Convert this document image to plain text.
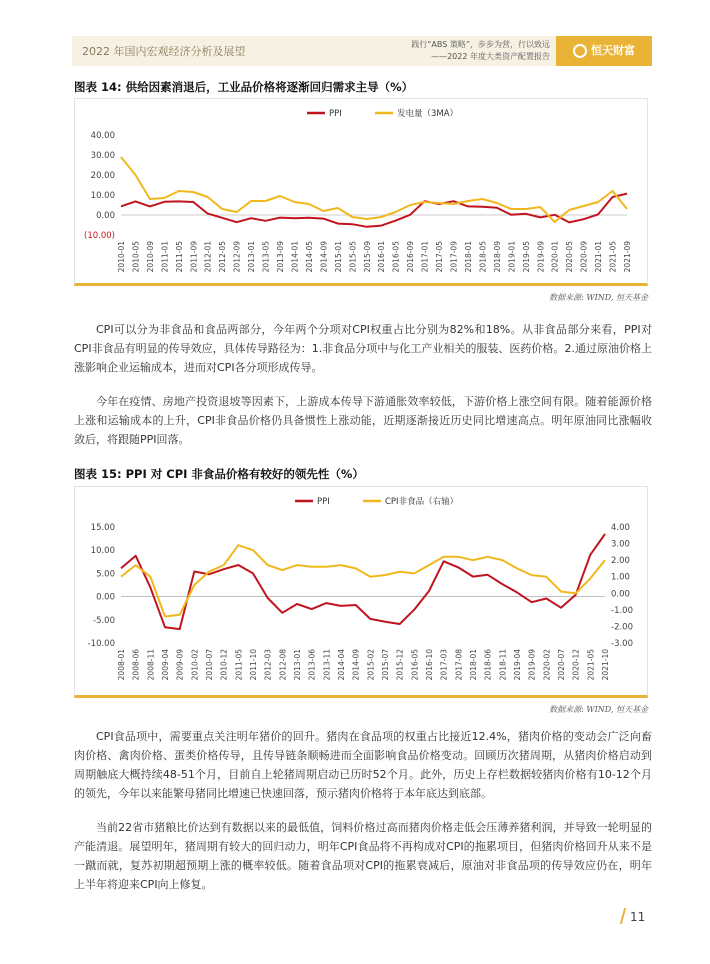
2022 年国内宏观经济分析及展望
践行“ABS 策略”，步步为营，行以致远
——2022 年度大类资产配置报告	恒天财富
图表 14: 供给因素消退后，工业品价格将逐渐回归需求主导（%）
PPI	发电量（3MA）
40.00
30.00
20.00
10.00
0.00
(10.00)
2010-01 2010-05 2010-09 2011-01 2011-05 2011-09 2012-01 2012-05 2012-09 2013-01 2013-05 2013-09 2014-01 2014-05 2014-09 2015-01 2015-05 2015-09 2016-01 2016-05 2016-09 2017-01 2017-05 2017-09 2018-01 2018-05 2018-09 2019-01 2019-05 2019-09 2020-01 2020-05 2020-09 2021-01 2021-05 2021-09
数据来源: WIND, 恒天基金
CPI可以分为非食品和食品两部分，今年两个分项对CPI权重占比分别为82%和18%。从非食品部分来看，PPI对CPI非食品有明显的传导效应，具体传导路径为：1.非食品分项中与化工产业相关的服装、医药价格。2.通过原油价格上涨影响企业运输成本，进而对CPI各分项形成传导。
今年在疫情、房地产投资退坡等因素下，上游成本传导下游通胀效率较低，下游价格上涨空间有限。随着能源价格上涨和运输成本的上升，CPI非食品价格仍具备惯性上涨动能，近期逐渐接近历史同比增速高点。明年原油同比涨幅收敛后，将跟随PPI回落。
图表 15: PPI 对 CPI 非食品价格有较好的领先性（%）
PPI	CPI非食品（右轴）
15.00
10.00
5.00
0.00
-5.00
-10.00
4.00
3.00
2.00
1.00
0.00
-1.00
-2.00
-3.00
2008-01 2008-06 2008-11 2009-04 2009-09 2010-02 2010-07 2010-12 2011-05 2011-10 2012-03 2012-08 2013-01 2013-06 2013-11 2014-04 2014-09 2015-02 2015-07 2015-12 2016-05 2016-10 2017-03 2017-08 2018-01 2018-06 2018-11 2019-04 2019-09 2020-02 2020-07 2020-12 2021-05 2021-10
数据来源: WIND, 恒天基金
CPI食品项中，需要重点关注明年猪价的回升。猪肉在食品项的权重占比接近12.4%，猪肉价格的变动会广泛向畜肉价格、禽肉价格、蛋类价格传导，且传导链条顺畅进而全面影响食品价格变动。回顾历次猪周期，从猪肉价格启动到周期触底大概持续48-51个月，目前自上轮猪周期启动已历时52个月。此外，历史上存栏数据较猪肉价格有10-12个月的领先，今年以来能繁母猪同比增速已快速回落，预示猪肉价格将于本年底达到底部。
当前22省市猪粮比价达到有数据以来的最低值，饲料价格过高而猪肉价格走低会压薄养猪利润，并导致一轮明显的产能清退。展望明年，猪周期有较大的回归动力，明年CPI食品将不再构成对CPI的拖累项目，但猪肉价格回升从来不是一蹴而就，复苏初期超预期上涨的概率较低。随着食品项对CPI的拖累衰减后，原油对非食品项的传导效应仍在，明年上半年将迎来CPI向上修复。
11
